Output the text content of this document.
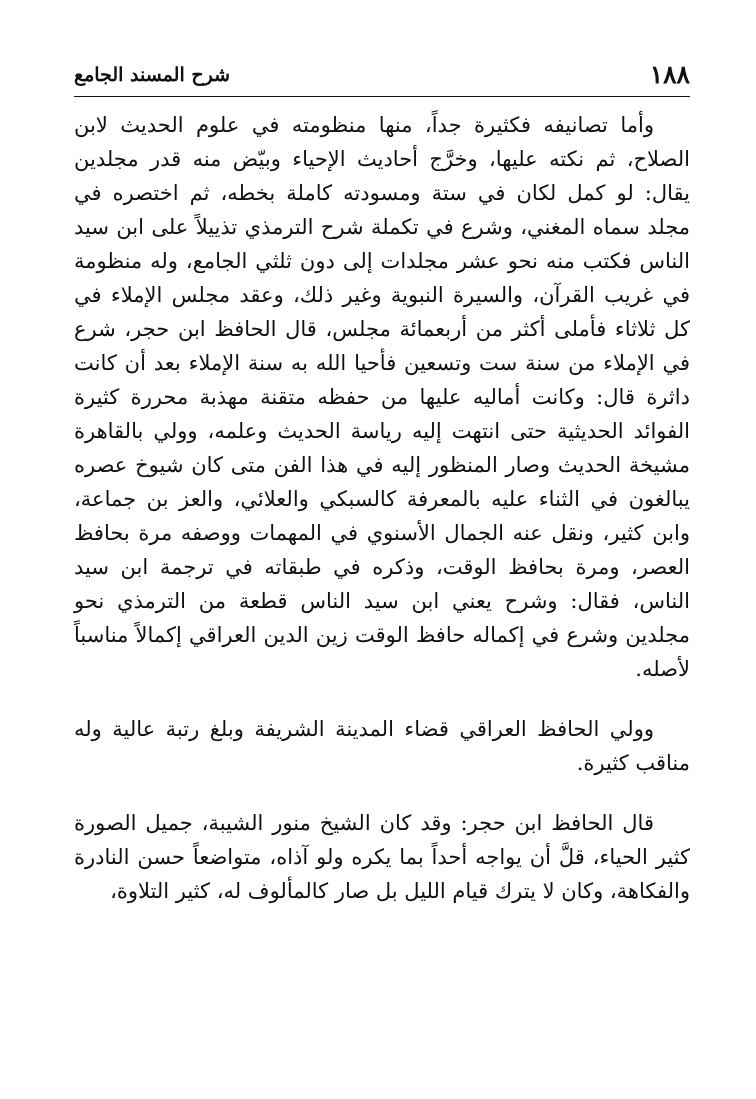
١٨٨
شرح المسند الجامع

وأما تصانيفه فكثيرة جداً، منها منظومته في علوم الحديث لابن الصلاح، ثم نكته عليها، وخرَّج أحاديث الإحياء وبيّض منه قدر مجلدين يقال: لو كمل لكان في ستة ومسودته كاملة بخطه، ثم اختصره في مجلد سماه المغني، وشرع في تكملة شرح الترمذي تذييلاً على ابن سيد الناس فكتب منه نحو عشر مجلدات إلى دون ثلثي الجامع، وله منظومة في غريب القرآن، والسيرة النبوية وغير ذلك، وعقد مجلس الإملاء في كل ثلاثاء فأملى أكثر من أربعمائة مجلس، قال الحافظ ابن حجر، شرع في الإملاء من سنة ست وتسعين فأحيا الله به سنة الإملاء بعد أن كانت داثرة قال: وكانت أماليه عليها من حفظه متقنة مهذبة محررة كثيرة الفوائد الحديثية حتى انتهت إليه رياسة الحديث وعلمه، وولي بالقاهرة مشيخة الحديث وصار المنظور إليه في هذا الفن متى كان شيوخ عصره يبالغون في الثناء عليه بالمعرفة كالسبكي والعلائي، والعز بن جماعة، وابن كثير، ونقل عنه الجمال الأسنوي في المهمات ووصفه مرة بحافظ العصر، ومرة بحافظ الوقت، وذكره في طبقاته في ترجمة ابن سيد الناس، فقال: وشرح يعني ابن سيد الناس قطعة من الترمذي نحو مجلدين وشرع في إكماله حافظ الوقت زين الدين العراقي إكمالاً مناسباً لأصله.

وولي الحافظ العراقي قضاء المدينة الشريفة وبلغ رتبة عالية وله مناقب كثيرة.

قال الحافظ ابن حجر: وقد كان الشيخ منور الشيبة، جميل الصورة كثير الحياء، قلَّ أن يواجه أحداً بما يكره ولو آذاه، متواضعاً حسن النادرة والفكاهة، وكان لا يترك قيام الليل بل صار كالمألوف له، كثير التلاوة،
